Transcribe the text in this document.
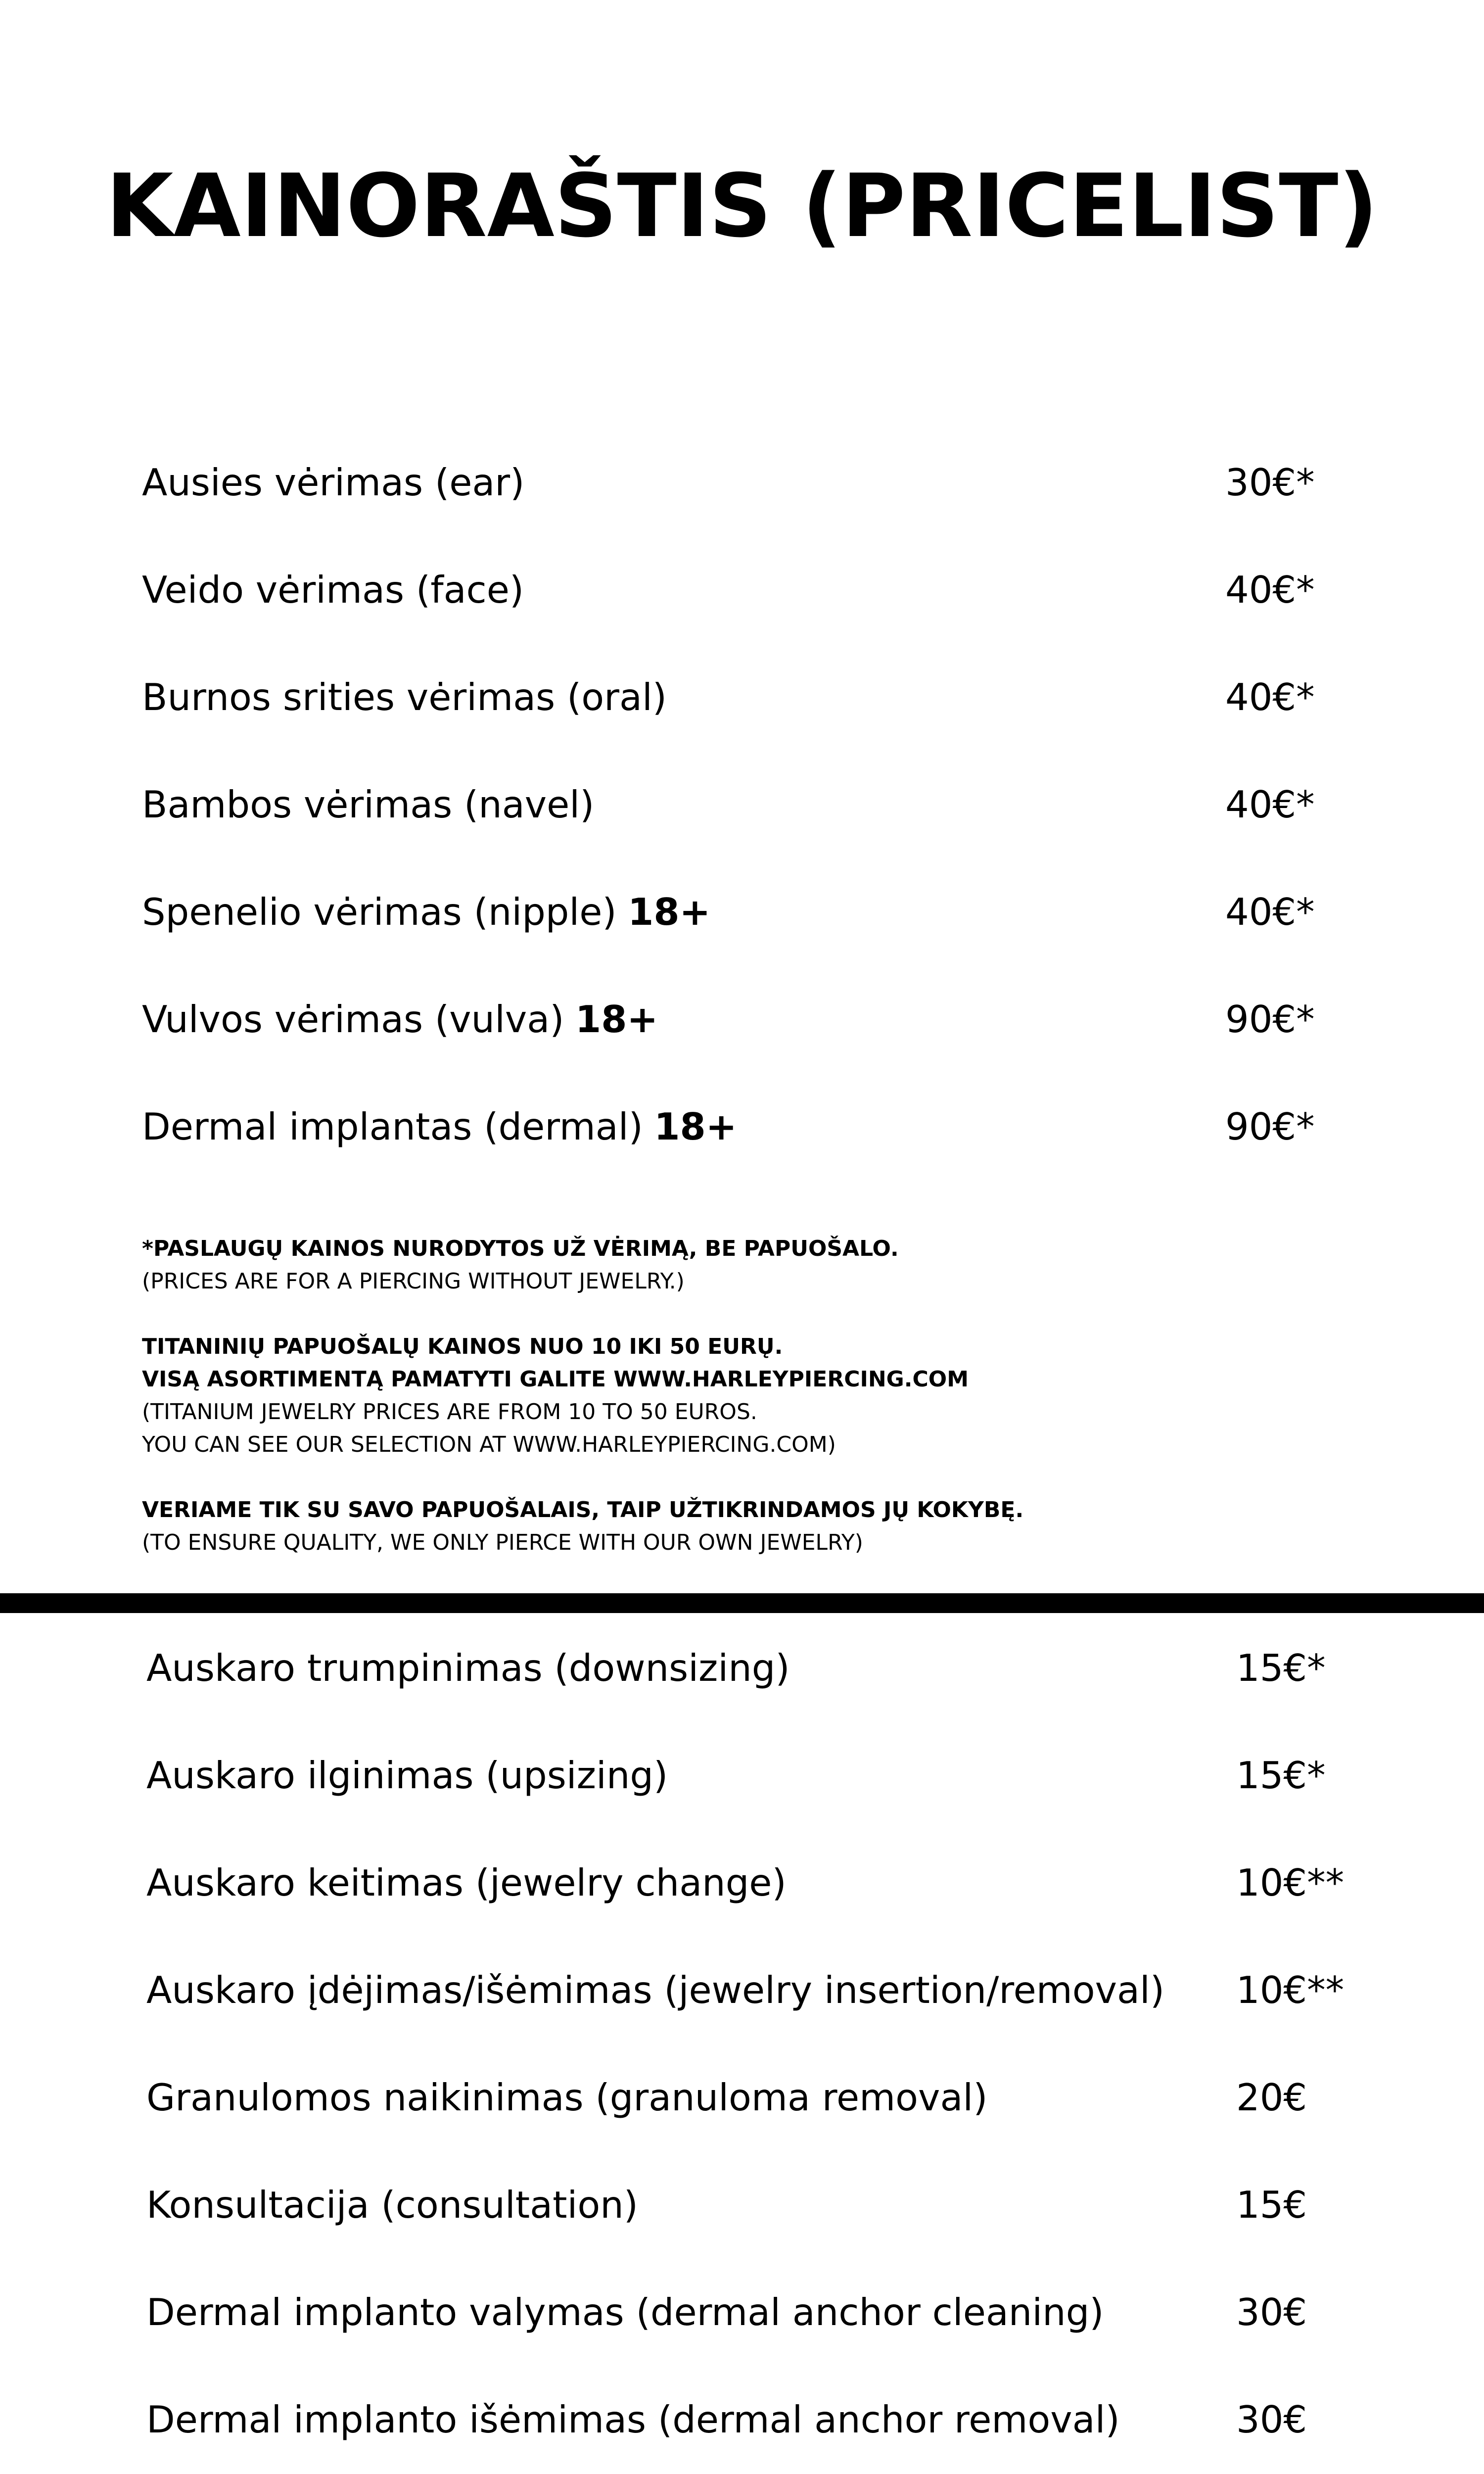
KAINORAŠTIS (PRICELIST)
Ausies vėrimas (ear)	30€*
Veido vėrimas (face)	40€*
Burnos srities vėrimas (oral)	40€*
Bambos vėrimas (navel)	40€*
Spenelio vėrimas (nipple) 18+	40€*
Vulvos vėrimas (vulva) 18+	90€*
Dermal implantas (dermal) 18+	90€*
*PASLAUGŲ KAINOS NURODYTOS UŽ VĖRIMĄ, BE PAPUOŠALO.
(PRICES ARE FOR A PIERCING WITHOUT JEWELRY.)
TITANINIŲ PAPUOŠALŲ KAINOS NUO 10 IKI 50 EURŲ.
VISĄ ASORTIMENTĄ PAMATYTI GALITE WWW.HARLEYPIERCING.COM
(TITANIUM JEWELRY PRICES ARE FROM 10 TO 50 EUROS.
YOU CAN SEE OUR SELECTION AT WWW.HARLEYPIERCING.COM)
VERIAME TIK SU SAVO PAPUOŠALAIS, TAIP UŽTIKRINDAMOS JŲ KOKYBĘ.
(TO ENSURE QUALITY, WE ONLY PIERCE WITH OUR OWN JEWELRY)
Auskaro trumpinimas (downsizing)	15€*
Auskaro ilginimas (upsizing)	15€*
Auskaro keitimas (jewelry change)	10€**
Auskaro įdėjimas/išėmimas (jewelry insertion/removal)	10€**
Granulomos naikinimas (granuloma removal)	20€
Konsultacija (consultation)	15€
Dermal implanto valymas (dermal anchor cleaning)	30€
Dermal implanto išėmimas (dermal anchor removal)	30€
